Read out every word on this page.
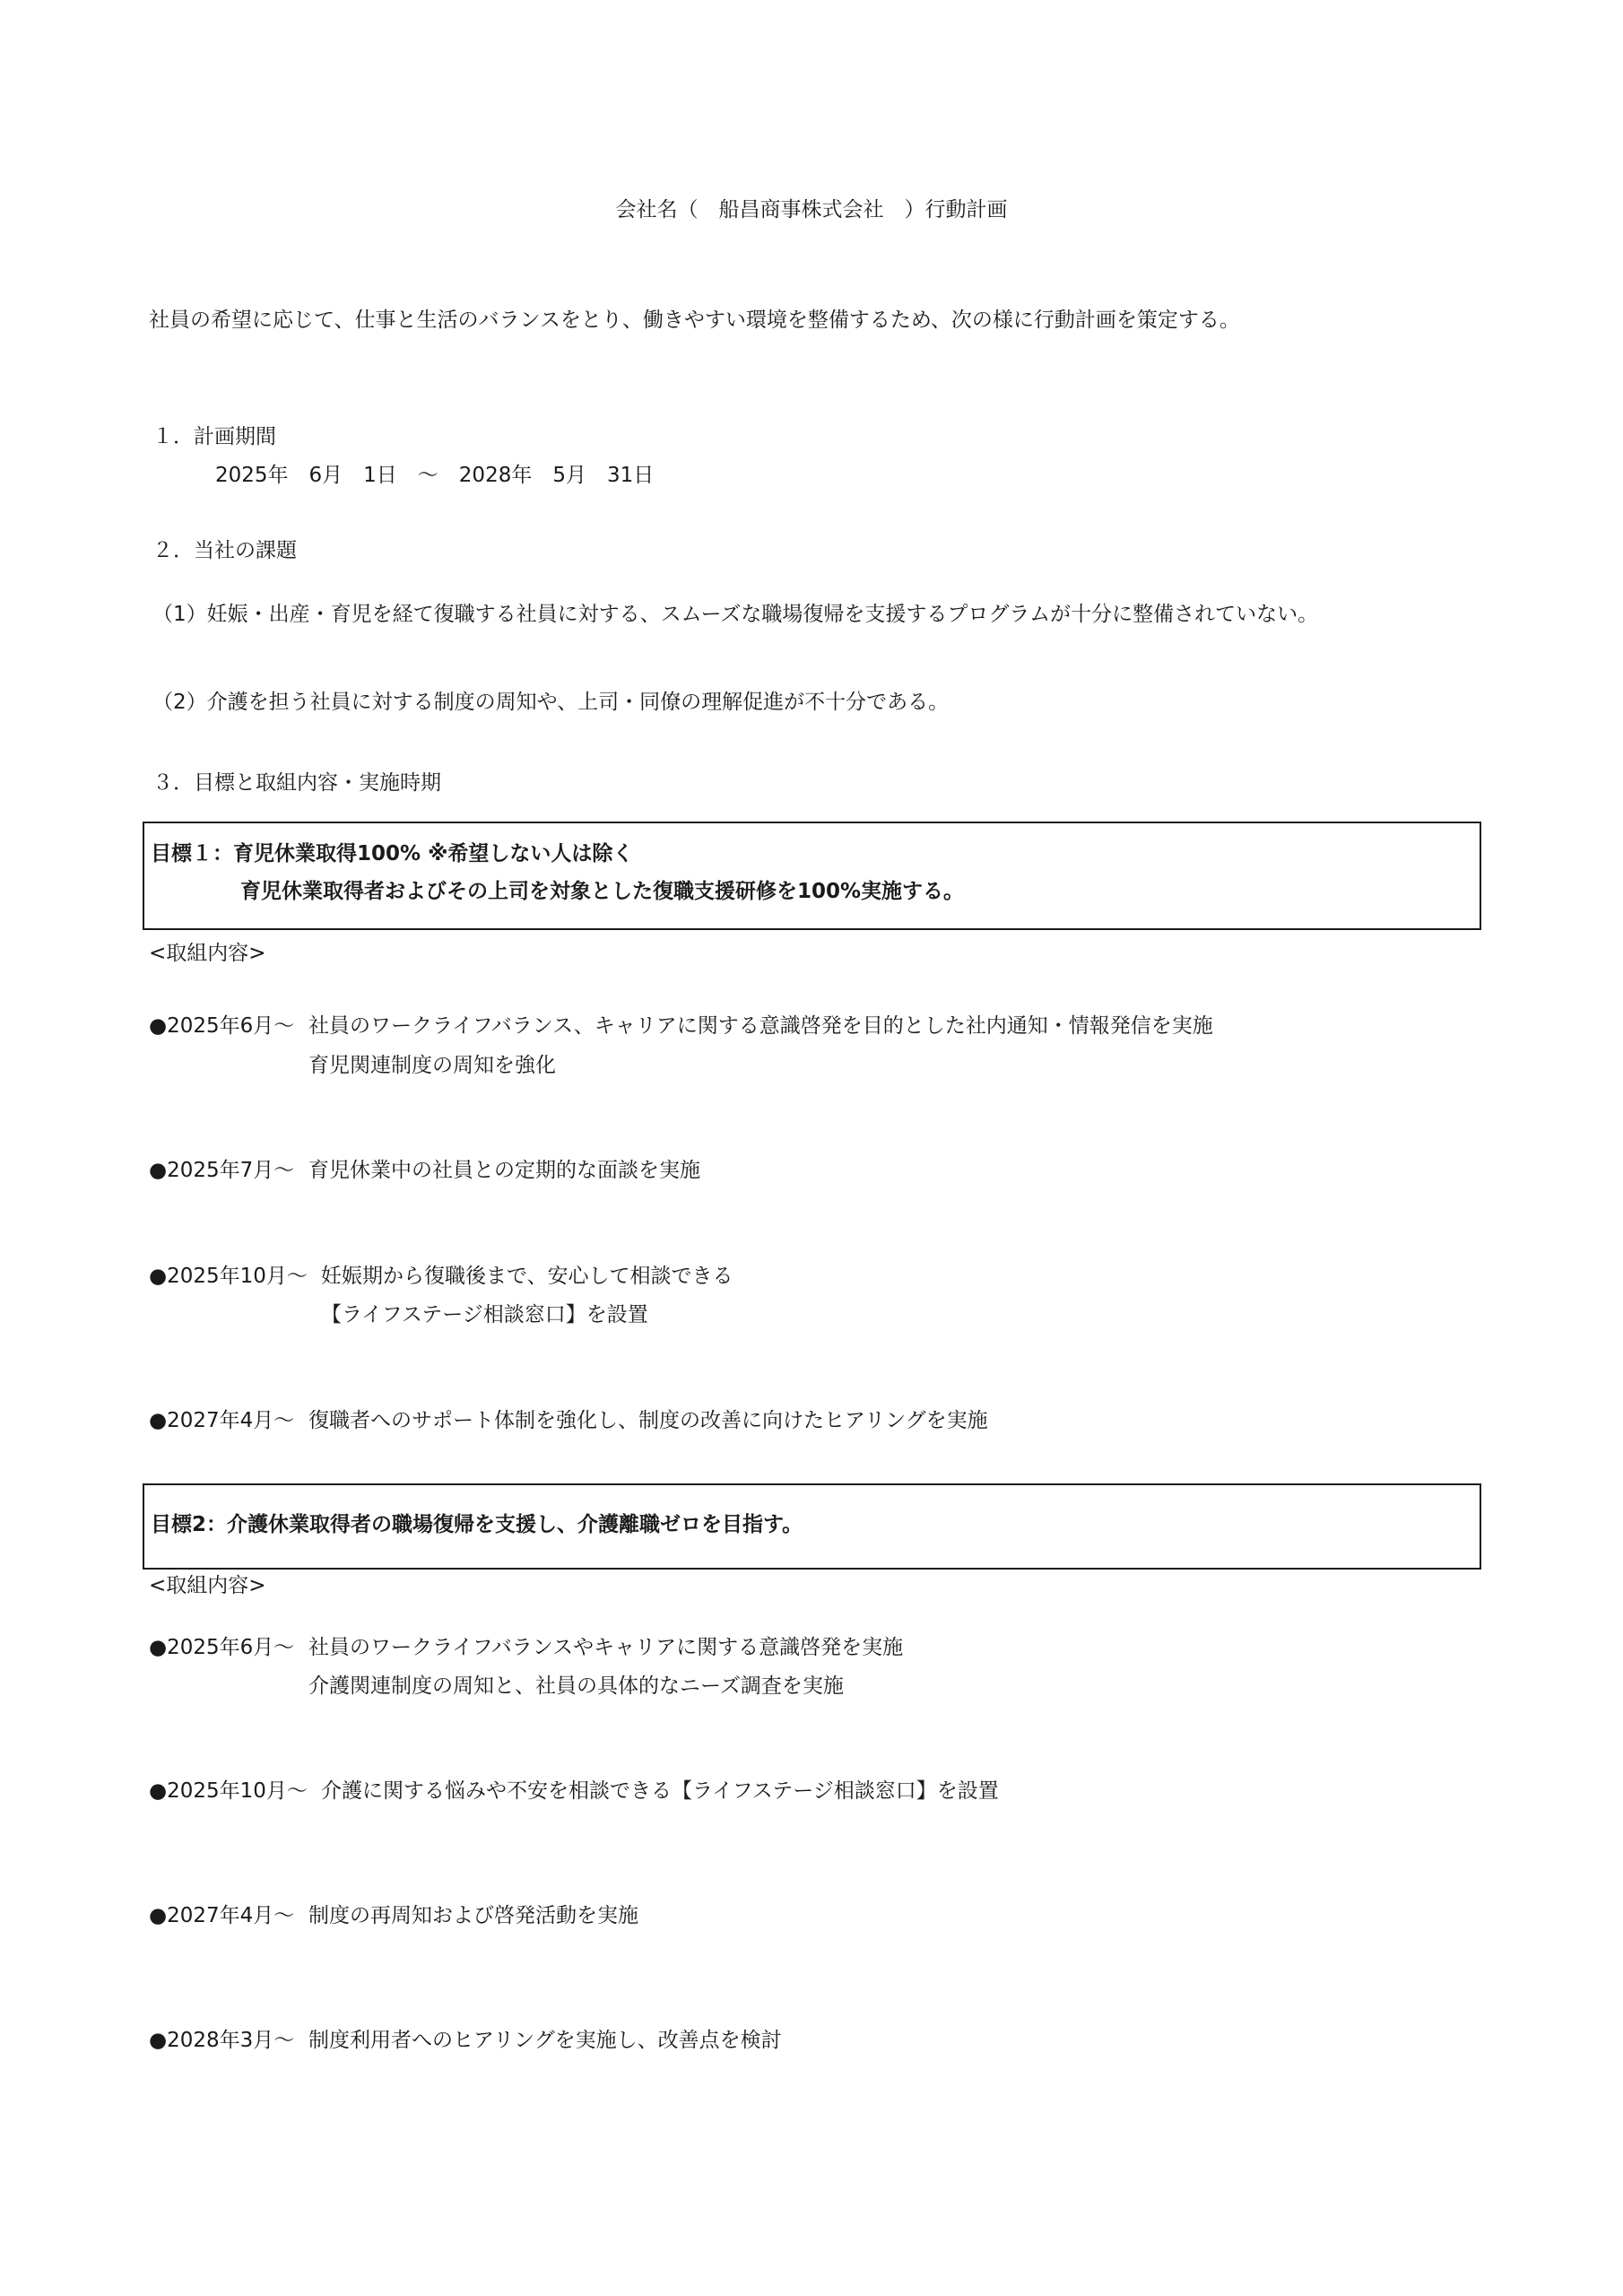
会社名（　船昌商事株式会社　）行動計画
社員の希望に応じて、仕事と生活のバランスをとり、働きやすい環境を整備するため、次の様に行動計画を策定する。
１．計画期間
2025年　6月　1日　～　2028年　5月　31日
２．当社の課題
（1）妊娠・出産・育児を経て復職する社員に対する、スムーズな職場復帰を支援するプログラムが十分に整備されていない。
（2）介護を担う社員に対する制度の周知や、上司・同僚の理解促進が不十分である。
３．目標と取組内容・実施時期
目標１：育児休業取得100% ※希望しない人は除く
育児休業取得者およびその上司を対象とした復職支援研修を100%実施する。
<取組内容>
●2025年6月～ 社員のワークライフバランス、キャリアに関する意識啓発を目的とした社内通知・情報発信を実施
育児関連制度の周知を強化
●2025年7月～ 育児休業中の社員との定期的な面談を実施
●2025年10月～ 妊娠期から復職後まで、安心して相談できる
【ライフステージ相談窓口】を設置
●2027年4月～ 復職者へのサポート体制を強化し、制度の改善に向けたヒアリングを実施
目標2：介護休業取得者の職場復帰を支援し、介護離職ゼロを目指す。
<取組内容>
●2025年6月～ 社員のワークライフバランスやキャリアに関する意識啓発を実施
介護関連制度の周知と、社員の具体的なニーズ調査を実施
●2025年10月～ 介護に関する悩みや不安を相談できる【ライフステージ相談窓口】を設置
●2027年4月～ 制度の再周知および啓発活動を実施
●2028年3月～ 制度利用者へのヒアリングを実施し、改善点を検討
